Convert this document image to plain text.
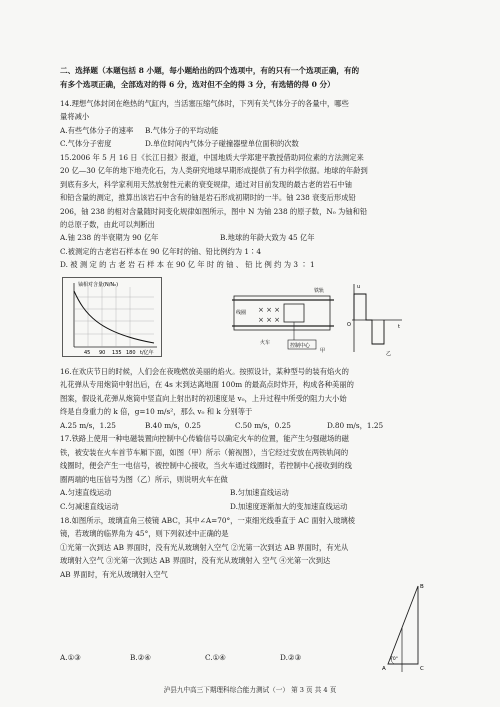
二、选择题（本题包括 8 小题，每小题给出的四个选项中，有的只有一个选项正确，有的
有多个选项正确，全部选对的得 6 分，选对但不全的得 3 分，有选错的得 0 分）
14.理想气体封闭在绝热的气缸内，当活塞压缩气体时，下列有关气体分子的各量中，哪些
量将减小
A.有些气体分子的速率	B.气体分子的平均动能
C.气体分子密度	D.单位时间内气体分子碰撞器壁单位面积的次数
15.2006 年 5 月 16 日《长江日报》报道，中国地质大学郑建平教授借助同位素的方法测定来
20 亿—30 亿年的地下地壳化石，为人类研究地球早期形成提供了有力科学依据。地球的年龄到
到底有多大，科学家利用天然放射性元素的衰变规律，通过对目前发现的最古老的岩石中铀
和铅含量的测定，推算出该岩石中含有的铀是岩石形成初期时的一半。铀 238 衰变后形成铅
206，铀 238 的相对含量随时间变化规律如图所示，图中 N 为铀 238 的原子数，N₀ 为铀和铅
的总原子数，由此可以判断出
A.铀 238 的半衰期为 90 亿年	B.地球的年龄大致为 45 亿年
C.被测定的古老岩石样本在 90 亿年时的铀、铅比例约为 1∶4
D. 被 测 定 的 古 老 岩 石 样 本 在 90 亿 年 时 的 铀 、 铅 比 例 约 为 3 ∶ 1
铀相对含量(N/N₀)
45 90 135 180 t/亿年
× × ×
× × ×
铁轨
线圈
火车	控制中心
甲
u
t
O
乙
16.在欢庆节日的时候，人们会在夜晚燃放美丽的焰火。按照设计，某种型号的装有焰火的
礼花弹从专用炮筒中射出后，在 4s 末到达离地面 100m 的最高点时炸开，构成各种美丽的
图案，假设礼花弹从炮筒中竖直向上射出时的初速度是 v₀，上升过程中所受的阻力大小始
终是自身重力的 k 倍，g=10 m/s²，那么 v₀ 和 k 分别等于
A.25 m/s，1.25	B.40 m/s，0.25	C.50 m/s，0.25	D.80 m/s，1.25
17.铁路上使用一种电磁装置向控制中心传输信号以确定火车的位置，能产生匀强磁场的磁
铁，被安装在火车首节车厢下面，如图（甲）所示（俯视图），当它经过安放在两铁轨间的
线圈时，便会产生一电信号，被控制中心接收，当火车通过线圈时，若控制中心接收到的线
圈两端的电压信号为图（乙）所示，则说明火车在做
A.匀速直线运动	B.匀加速直线运动
C.匀减速直线运动	D.加速度逐渐加大的变加速直线运动
18.如图所示，玻璃直角三棱镜 ABC，其中∠A=70°，一束细光线垂直于 AC 面射入玻璃棱
镜，若玻璃的临界角为 45°，则下列叙述中正确的是
①光第一次到达 AB 界面时，没有光从玻璃射入空气 ②光第一次到达 AB 界面时，有光从
玻璃射入空气 ③光第一次到达 AB 界面时，没有光从玻璃射入 空气 ④光第一次到达
AB 界面时，有光从玻璃射入空气
B
A	C
70°
A.①③	B.②④	C.①④	D.②③
泸县九中高三下期理科综合能力测试（一） 第 3 页 共 4 页
